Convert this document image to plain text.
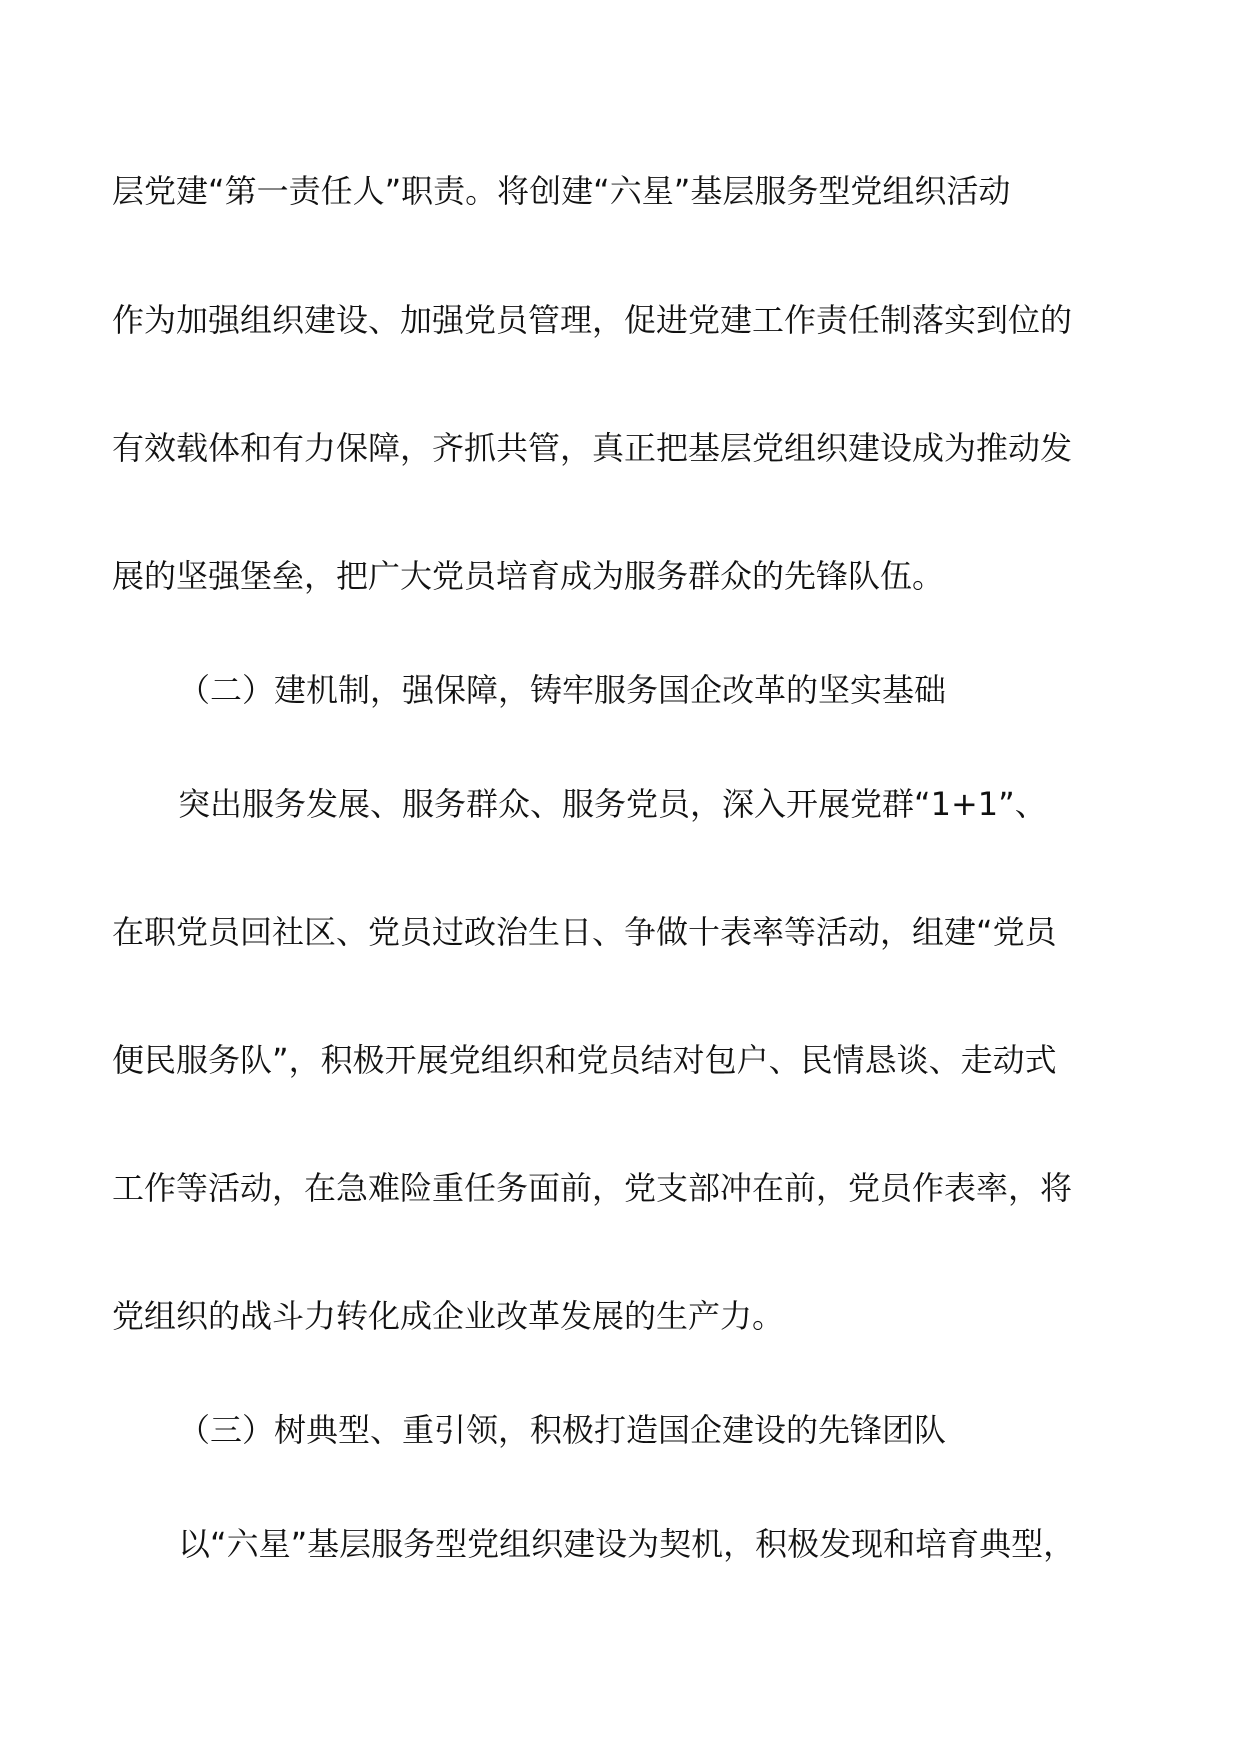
层党建“第一责任人”职责。将创建“六星”基层服务型党组织活动
作为加强组织建设、加强党员管理，促进党建工作责任制落实到位的
有效载体和有力保障，齐抓共管，真正把基层党组织建设成为推动发
展的坚强堡垒，把广大党员培育成为服务群众的先锋队伍。
（二）建机制，强保障，铸牢服务国企改革的坚实基础
突出服务发展、服务群众、服务党员，深入开展党群“1+1”、
在职党员回社区、党员过政治生日、争做十表率等活动，组建“党员
便民服务队”，积极开展党组织和党员结对包户、民情恳谈、走动式
工作等活动，在急难险重任务面前，党支部冲在前，党员作表率，将
党组织的战斗力转化成企业改革发展的生产力。
（三）树典型、重引领，积极打造国企建设的先锋团队
以“六星”基层服务型党组织建设为契机，积极发现和培育典型，
